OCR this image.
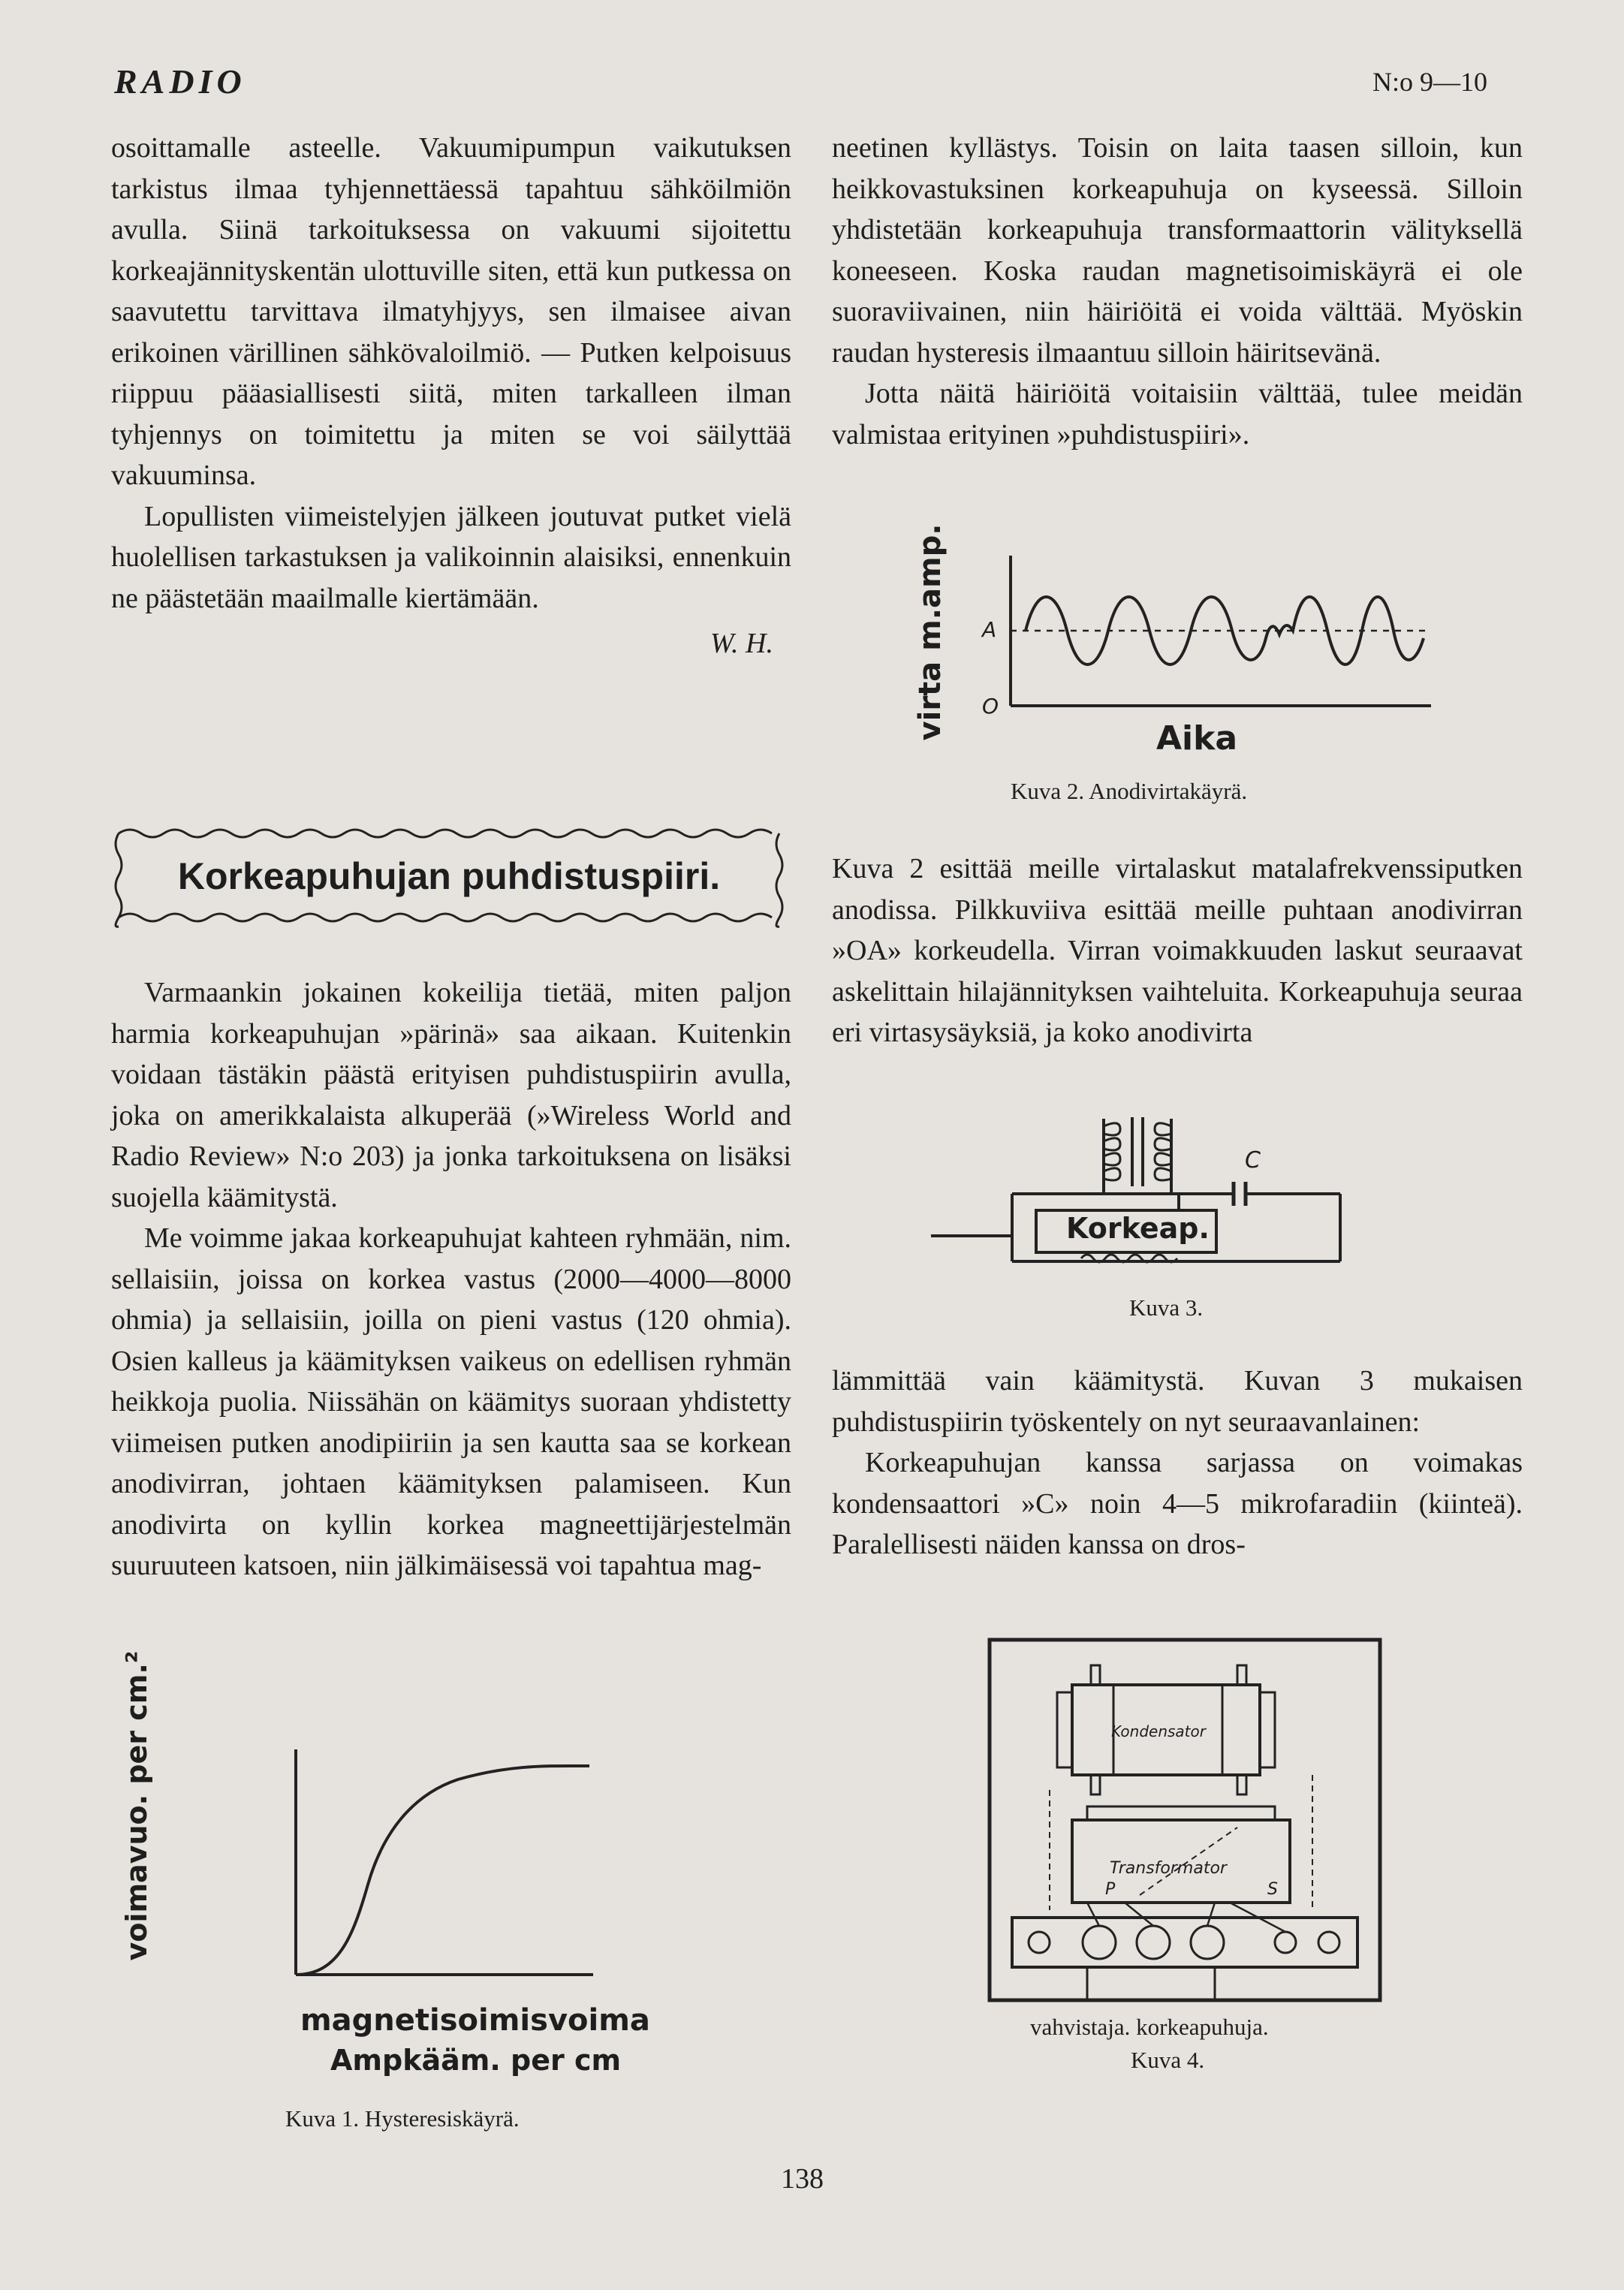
RADIO	N:o 9—10

osoittamalle asteelle. Vakuumipumpun vaikutuksen tarkistus ilmaa tyhjennettäessä tapahtuu sähköilmiön avulla. Siinä tarkoituksessa on vakuumi sijoitettu korkeajännityskentän ulottuville siten, että kun putkessa on saavutettu tarvittava ilmatyhjyys, sen ilmaisee aivan erikoinen värillinen sähkövaloilmiö. — Putken kelpoisuus riippuu pääasiallisesti siitä, miten tarkalleen ilman tyhjennys on toimitettu ja miten se voi säilyttää vakuuminsa.

Lopullisten viimeistelyjen jälkeen joutuvat putket vielä huolellisen tarkastuksen ja valikoinnin alaisiksi, ennenkuin ne päästetään maailmalle kiertämään.

W. H.

Korkeapuhujan puhdistuspiiri.

Varmaankin jokainen kokeilija tietää, miten paljon harmia korkeapuhujan »pärinä» saa aikaan. Kuitenkin voidaan tästäkin päästä erityisen puhdistuspiirin avulla, joka on amerikkalaista alkuperää (»Wireless World and Radio Review» N:o 203) ja jonka tarkoituksena on lisäksi suojella käämitystä.

Me voimme jakaa korkeapuhujat kahteen ryhmään, nim. sellaisiin, joissa on korkea vastus (2000—4000—8000 ohmia) ja sellaisiin, joilla on pieni vastus (120 ohmia). Osien kalleus ja käämityksen vaikeus on edellisen ryhmän heikkoja puolia. Niissähän on käämitys suoraan yhdistetty viimeisen putken anodipiiriin ja sen kautta saa se korkean anodivirran, johtaen käämityksen palamiseen. Kun anodivirta on kyllin korkea magneettijärjestelmän suuruuteen katsoen, niin jälkimäisessä voi tapahtua mag-

voimavuo. per cm.²
magnetisoimisvoima
Ampkääm. per cm
Kuva 1. Hysteresiskäyrä.

neetinen kyllästys. Toisin on laita taasen silloin, kun heikkovastuksinen korkeapuhuja on kyseessä. Silloin yhdistetään korkeapuhuja transformaattorin välityksellä koneeseen. Koska raudan magnetisoimiskäyrä ei ole suoraviivainen, niin häiriöitä ei voida välttää. Myöskin raudan hysteresis ilmaantuu silloin häiritsevänä.

Jotta näitä häiriöitä voitaisiin välttää, tulee meidän valmistaa erityinen »puhdistuspiiri».

virta m.amp. A
O
Aika
Kuva 2. Anodivirtakäyrä.

Kuva 2 esittää meille virtalaskut matalafrekvenssiputken anodissa. Pilkkuviiva esittää meille puhtaan anodivirran »OA» korkeudella. Virran voimakkuuden laskut seuraavat askelittain hilajännityksen vaihteluita. Korkeapuhuja seuraa eri virtasysäyksiä, ja koko anodivirta

C
Korkeap.
Kuva 3.

lämmittää vain käämitystä. Kuvan 3 mukaisen puhdistuspiirin työskentely on nyt seuraavanlainen:

Korkeapuhujan kanssa sarjassa on voimakas kondensaattori »C» noin 4—5 mikrofaradiin (kiinteä). Paralellisesti näiden kanssa on dros-

Kondensator
Transformator
P	S
vahvistaja. korkeapuhuja.
Kuva 4.
138
